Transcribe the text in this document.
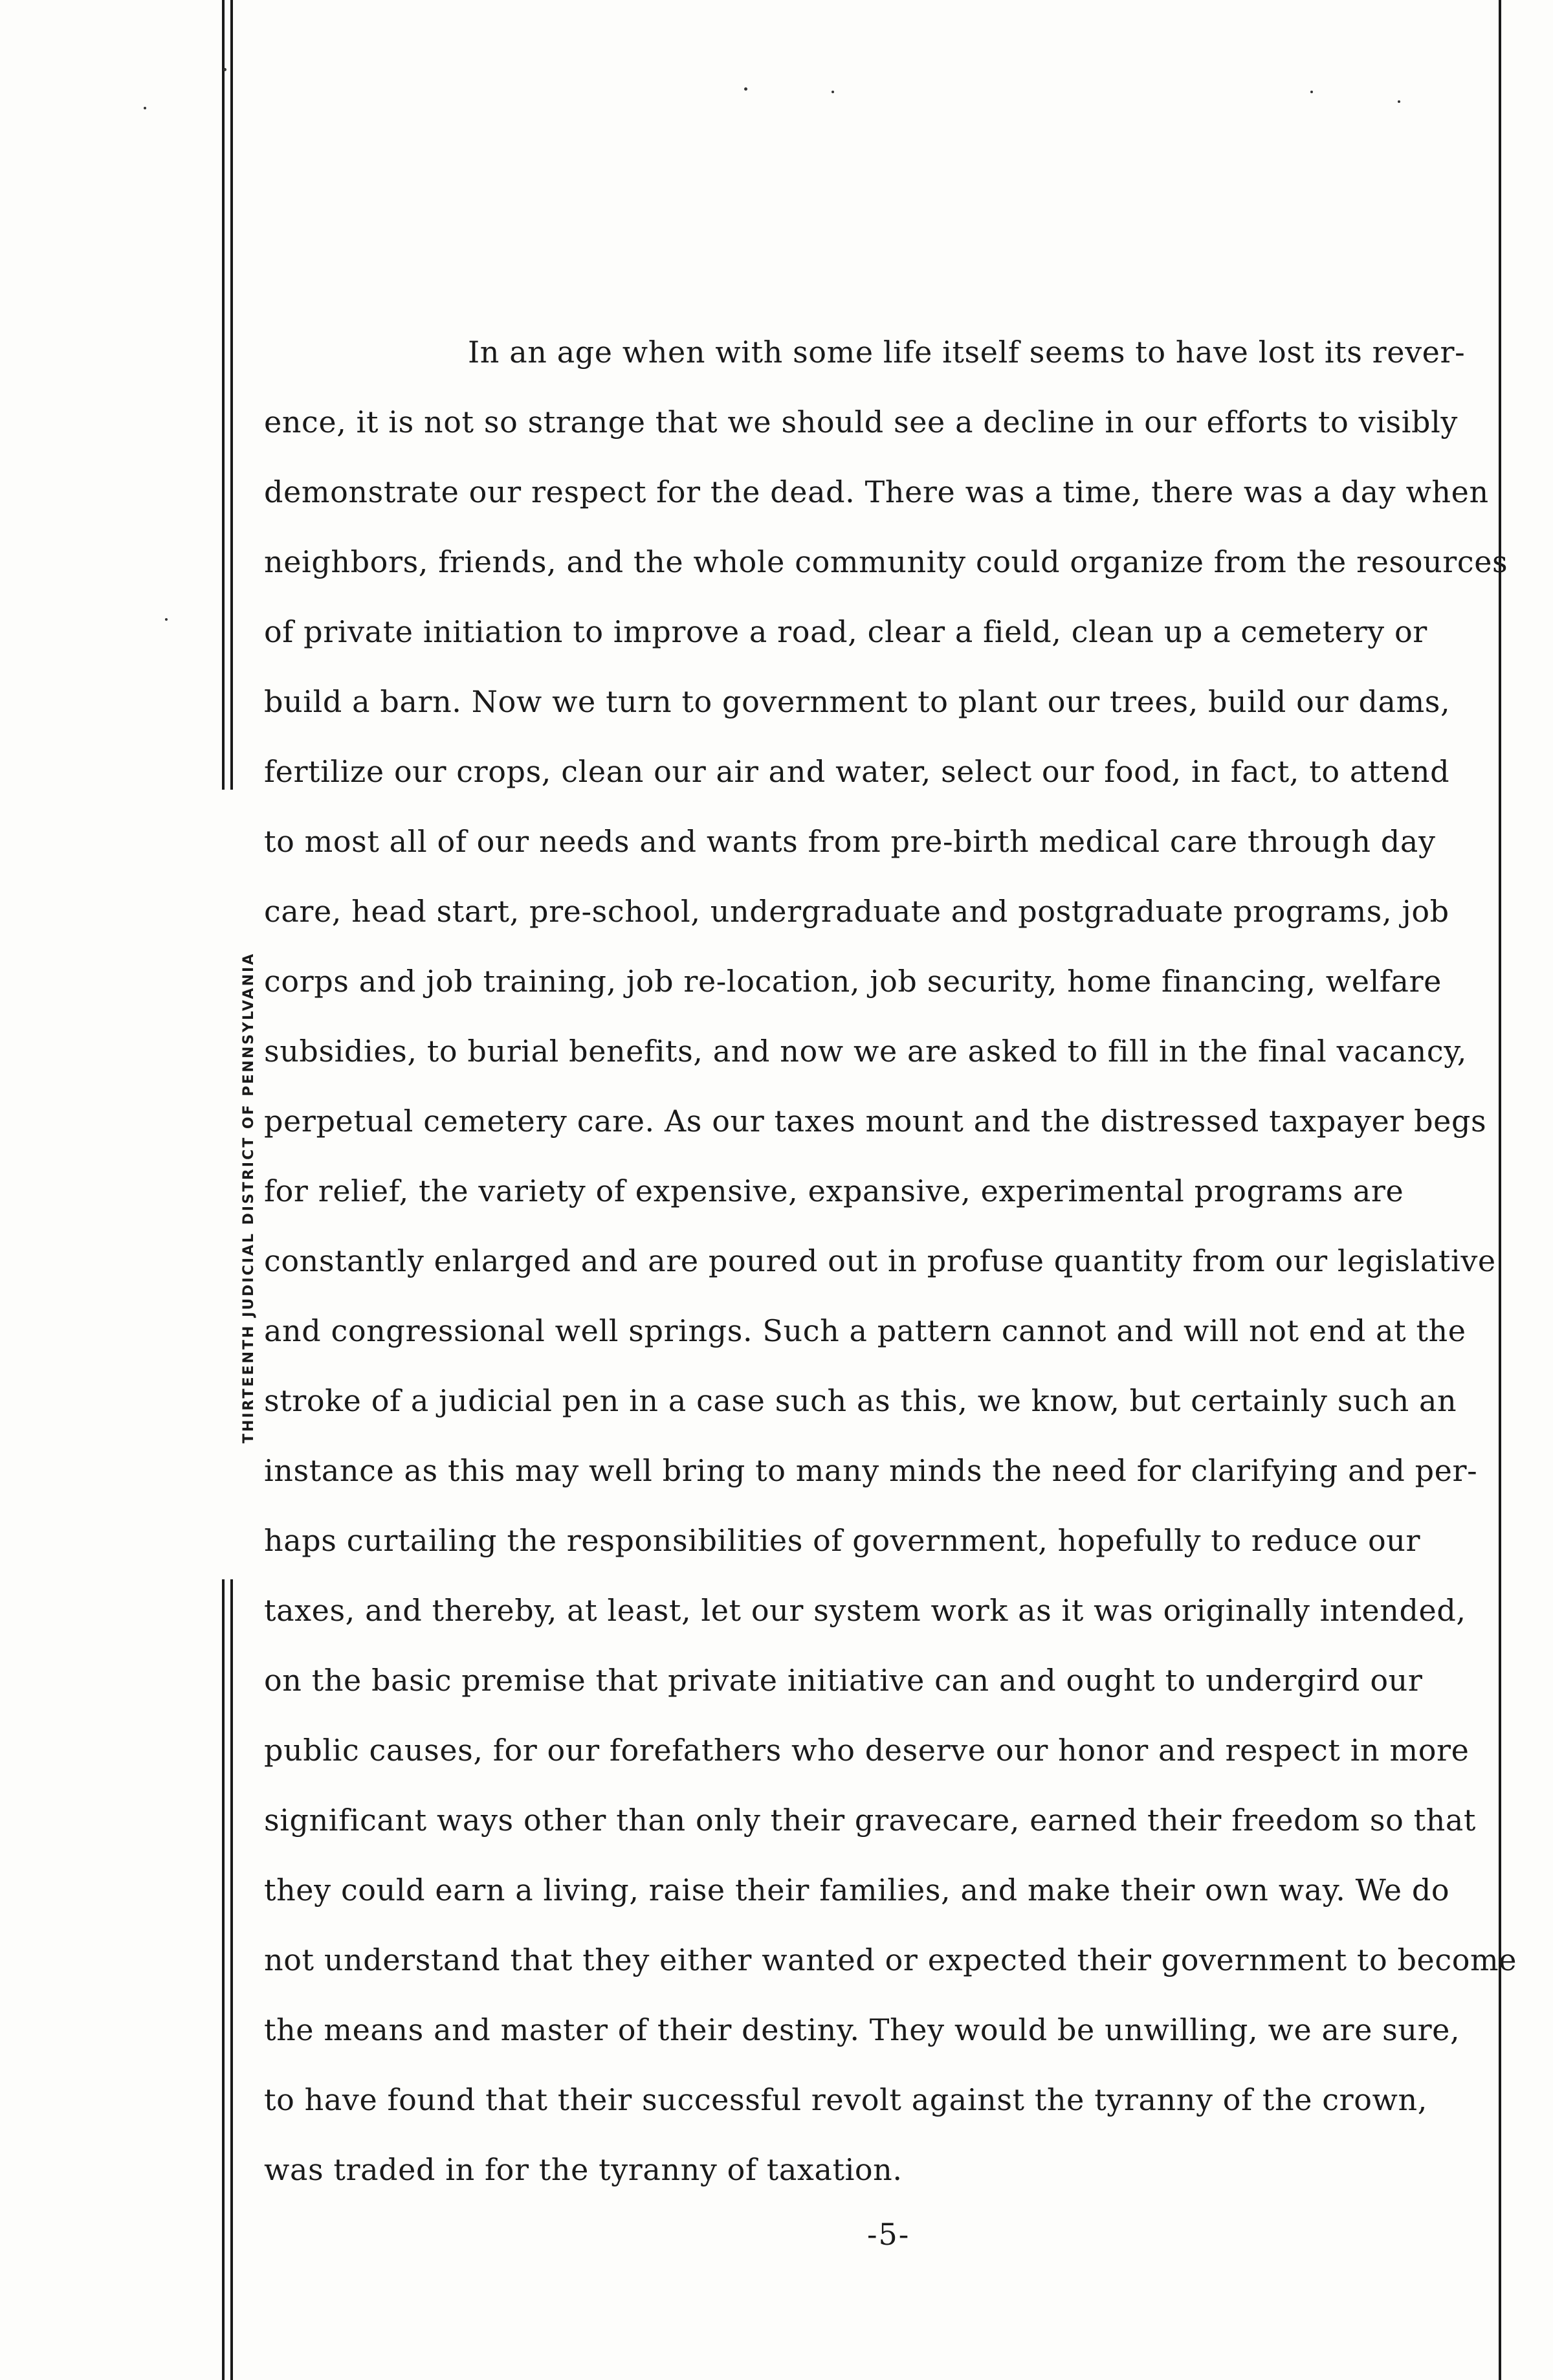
THIRTEENTH JUDICIAL DISTRICT OF PENNSYLVANIA
In an age when with some life itself seems to have lost its rever-
ence, it is not so strange that we should see a decline in our efforts to visibly
demonstrate our respect for the dead. There was a time, there was a day when
neighbors, friends, and the whole community could organize from the resources
of private initiation to improve a road, clear a field, clean up a cemetery or
build a barn. Now we turn to government to plant our trees, build our dams,
fertilize our crops, clean our air and water, select our food, in fact, to attend
to most all of our needs and wants from pre-birth medical care through day
care, head start, pre-school, undergraduate and postgraduate programs, job
corps and job training, job re-location, job security, home financing, welfare
subsidies, to burial benefits, and now we are asked to fill in the final vacancy,
perpetual cemetery care. As our taxes mount and the distressed taxpayer begs
for relief, the variety of expensive, expansive, experimental programs are
constantly enlarged and are poured out in profuse quantity from our legislative
and congressional well springs. Such a pattern cannot and will not end at the
stroke of a judicial pen in a case such as this, we know, but certainly such an
instance as this may well bring to many minds the need for clarifying and per-
haps curtailing the responsibilities of government, hopefully to reduce our
taxes, and thereby, at least, let our system work as it was originally intended,
on the basic premise that private initiative can and ought to undergird our
public causes, for our forefathers who deserve our honor and respect in more
significant ways other than only their gravecare, earned their freedom so that
they could earn a living, raise their families, and make their own way. We do
not understand that they either wanted or expected their government to become
the means and master of their destiny. They would be unwilling, we are sure,
to have found that their successful revolt against the tyranny of the crown,
was traded in for the tyranny of taxation.
-5-
